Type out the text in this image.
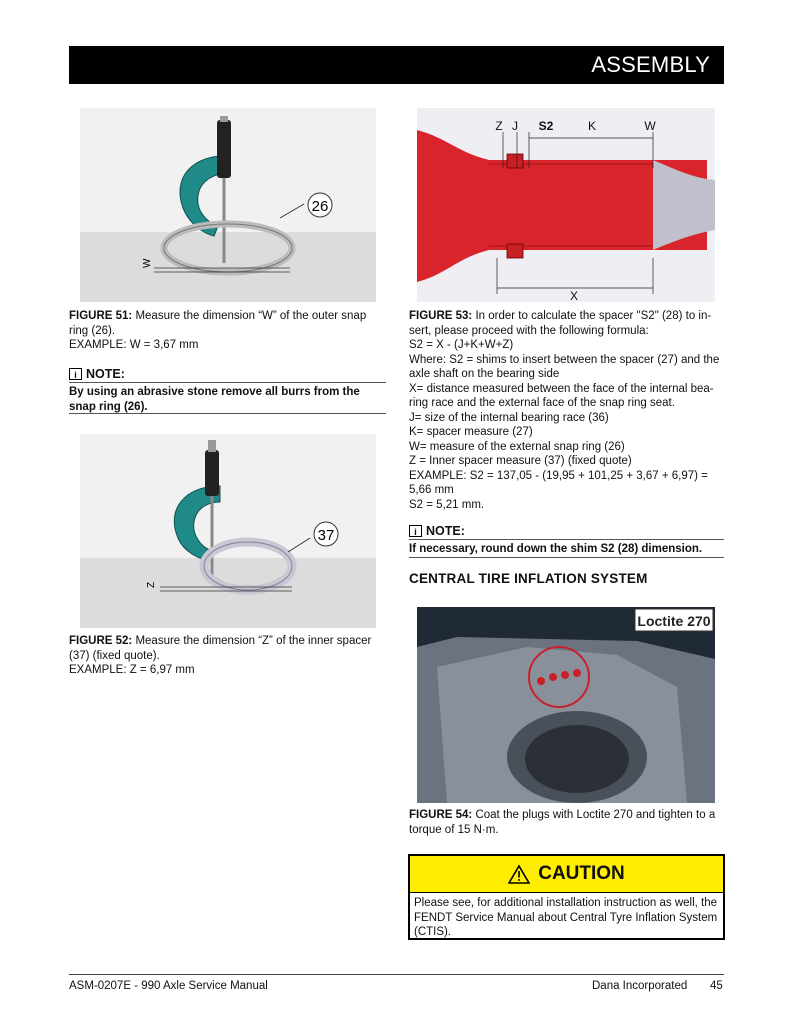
ASSEMBLY
26
W
FIGURE 51: Measure the dimension “W” of the outer snap ring (26).
EXAMPLE: W = 3,67 mm
i NOTE:
By using an abrasive stone remove all burrs from the snap ring (26).
37
Z
FIGURE 52: Measure the dimension “Z” of the inner spacer (37) (fixed quote).
EXAMPLE: Z = 6,97 mm
Z J S2	K	W
X
FIGURE 53: In order to calculate the spacer "S2" (28) to in-sert, please proceed with the following formula:
S2 = X - (J+K+W+Z)
Where: S2 = shims to insert between the spacer (27) and the axle shaft on the bearing side
X= distance measured between the face of the internal bea-ring race and the external face of the snap ring seat.
J= size of the internal bearing race (36)
K= spacer measure (27)
W= measure of the external snap ring (26)
Z = Inner spacer measure (37) (fixed quote)
EXAMPLE: S2 = 137,05 - (19,95 + 101,25 + 3,67 + 6,97) = 5,66 mm
S2 = 5,21 mm.
i NOTE:
If necessary, round down the shim S2 (28) dimension.
CENTRAL TIRE INFLATION SYSTEM
Loctite 270
FIGURE 54: Coat the plugs with Loctite 270 and tighten to a torque of 15 N·m.
CAUTION
Please see, for additional installation instruction as well, the FENDT Service Manual about Central Tyre Inflation System (CTIS).
ASM-0207E - 990 Axle Service Manual	Dana Incorporated 45
